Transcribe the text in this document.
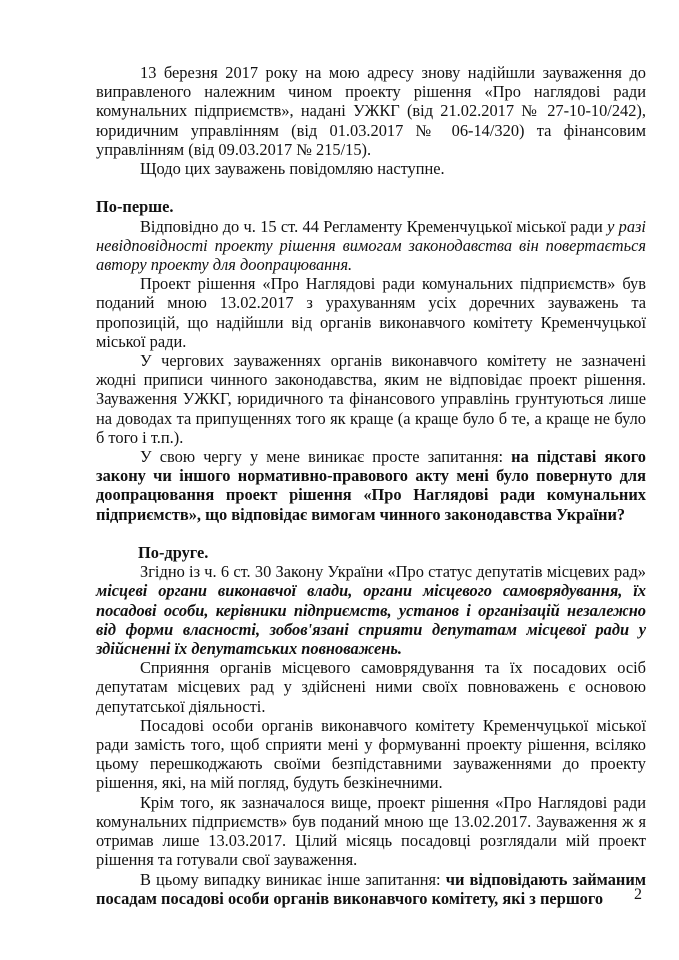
13 березня 2017 року на мою адресу знову надійшли зауваження до виправленого належним чином проекту рішення «Про наглядові ради комунальних підприємств», надані УЖКГ (від 21.02.2017 № 27-10-10/242), юридичним управлінням (від 01.03.2017 № 06-14/320) та фінансовим управлінням (від 09.03.2017 № 215/15).

Щодо цих зауважень повідомляю наступне.

По-перше.

Відповідно до ч. 15 ст. 44 Регламенту Кременчуцької міської ради у разі невідповідності проекту рішення вимогам законодавства він повертається автору проекту для доопрацювання.

Проект рішення «Про Наглядові ради комунальних підприємств» був поданий мною 13.02.2017 з урахуванням усіх доречних зауважень та пропозицій, що надійшли від органів виконавчого комітету Кременчуцької міської ради.

У чергових зауваженнях органів виконавчого комітету не зазначені жодні приписи чинного законодавства, яким не відповідає проект рішення. Зауваження УЖКГ, юридичного та фінансового управлінь грунтуються лише на доводах та припущеннях того як краще (а краще було б те, а краще не було б того і т.п.).

У свою чергу у мене виникає просте запитання: на підставі якого закону чи іншого нормативно-правового акту мені було повернуто для доопрацювання проект рішення «Про Наглядові ради комунальних підприємств», що відповідає вимогам чинного законодавства України?

По-друге.

Згідно із ч. 6 ст. 30 Закону України «Про статус депутатів місцевих рад» місцеві органи виконавчої влади, органи місцевого самоврядування, їх посадові особи, керівники підприємств, установ і організацій незалежно від форми власності, зобов'язані сприяти депутатам місцевої ради у здійсненні їх депутатських повноважень.

Сприяння органів місцевого самоврядування та їх посадових осіб депутатам місцевих рад у здійснені ними своїх повноважень є основою депутатської діяльності.

Посадові особи органів виконавчого комітету Кременчуцької міської ради замість того, щоб сприяти мені у формуванні проекту рішення, всіляко цьому перешкоджають своїми безпідставними зауваженнями до проекту рішення, які, на мій погляд, будуть безкінечними.

Крім того, як зазначалося вище, проект рішення «Про Наглядові ради комунальних підприємств» був поданий мною ще 13.02.2017. Зауваження ж я отримав лише 13.03.2017. Цілий місяць посадовці розглядали мій проект рішення та готували свої зауваження.

В цьому випадку виникає інше запитання: чи відповідають займаним посадам посадові особи органів виконавчого комітету, які з першого	2
